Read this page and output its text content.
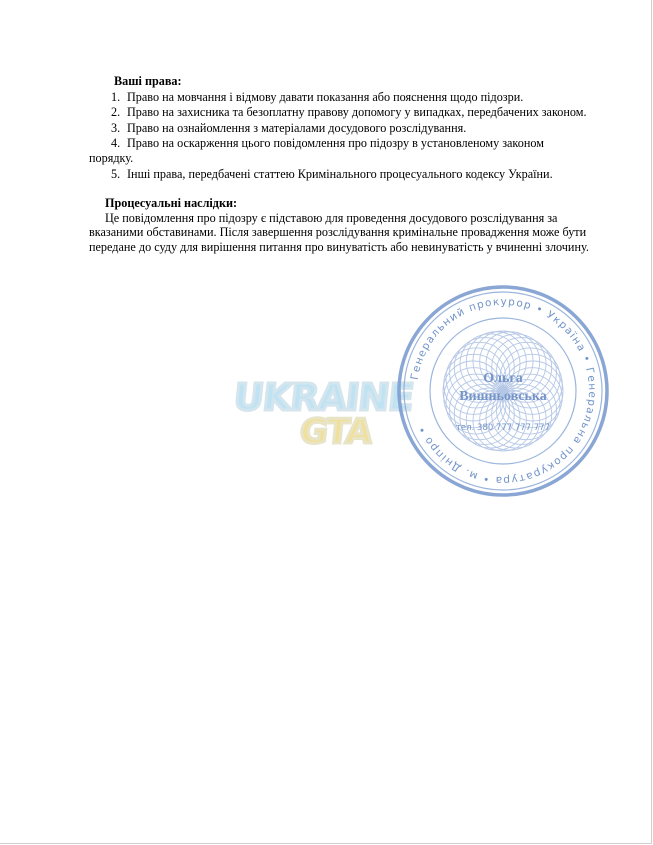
Ваші права:
1. Право на мовчання і відмову давати показання або пояснення щодо підозри.
2. Право на захисника та безоплатну правову допомогу у випадках, передбачених законом.
3. Право на ознайомлення з матеріалами досудового розслідування.
4. Право на оскарження цього повідомлення про підозру в установленому законом порядку.
5. Інші права, передбачені статтею Кримінального процесуального кодексу України.
Процесуальні наслідки:

Це повідомлення про підозру є підставою для проведення досудового розслідування за вказаними обставинами. Після завершення розслідування кримінальне провадження може бути передане до суду для вирішення питання про винуватість або невинуватість у вчиненні злочину.

UKRAINE
GTA
Генеральний прокурор • Україна • Генеральна прокуратура • м. Дніпро •
Ольга
Вишньовська
тел. 380 777 777 777
